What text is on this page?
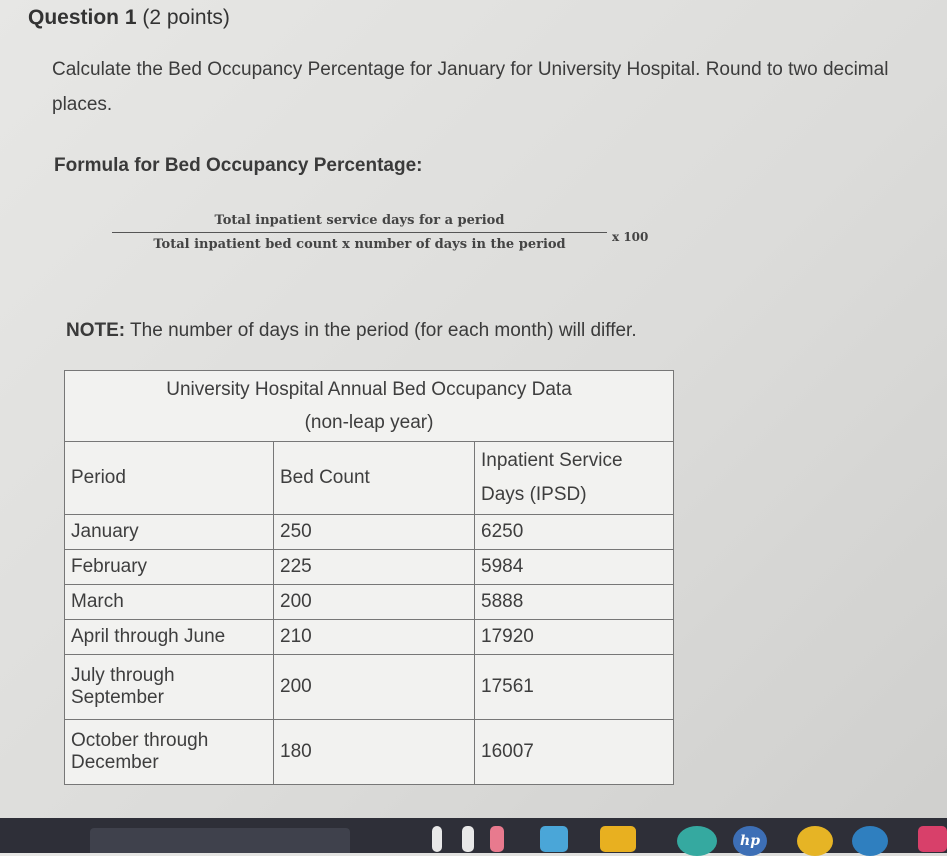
Question 1 (2 points)
Calculate the Bed Occupancy Percentage for January for University Hospital. Round to two decimal places.
Formula for Bed Occupancy Percentage:
Total inpatient service days for a period
Total inpatient bed count x number of days in the period	x 100
NOTE: The number of days in the period (for each month) will differ.
University Hospital Annual Bed Occupancy Data
(non-leap year)		

Period	Bed Count	Inpatient Service Days (IPSD)
January	250	6250
February	225	5984
March	200	5888
April through June	210	17920
July through September	200	17561
October through December	180	16007
hp
